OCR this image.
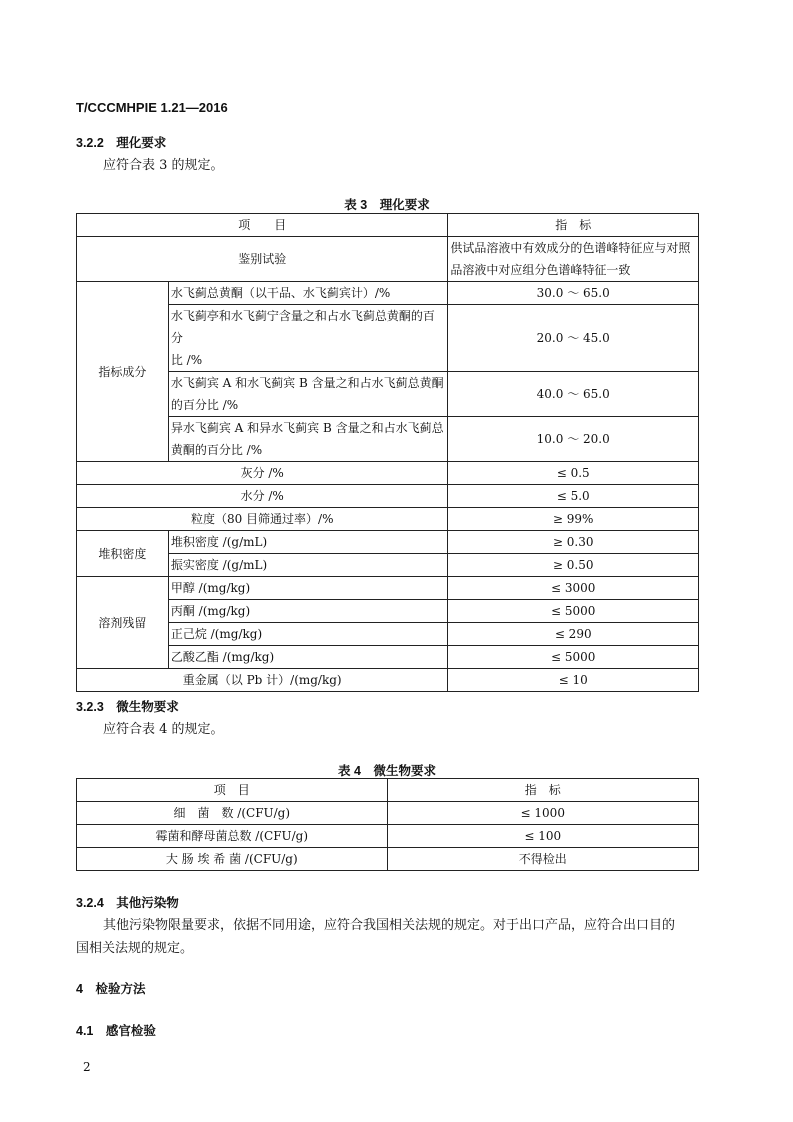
T/CCCMHPIE 1.21—2016
3.2.2　理化要求
应符合表 3 的规定。
表 3　理化要求
项　　目		指　标
鉴别试验		供试品溶液中有效成分的色谱峰特征应与对照
品溶液中对应组分色谱峰特征一致

指标成分	水飞蓟总黄酮（以干品、水飞蓟宾计）/%	30.0 ～ 65.0

	水飞蓟亭和水飞蓟宁含量之和占水飞蓟总黄酮的百分
比 /%	20.0 ～ 45.0

	水飞蓟宾 A 和水飞蓟宾 B 含量之和占水飞蓟总黄酮
的百分比 /%	40.0 ～ 65.0

	异水飞蓟宾 A 和异水飞蓟宾 B 含量之和占水飞蓟总
黄酮的百分比 /%	10.0 ～ 20.0
灰分 /%		≤ 0.5
水分 /%		≤ 5.0
粒度（80 目筛通过率）/%		≥ 99%
堆积密度	堆积密度 /(g/mL)	≥ 0.30
	振实密度 /(g/mL)	≥ 0.50
溶剂残留	甲醇 /(mg/kg)	≤ 3000
	丙酮 /(mg/kg)	≤ 5000
	正己烷 /(mg/kg)	≤ 290
	乙酸乙酯 /(mg/kg)	≤ 5000
重金属（以 Pb 计）/(mg/kg)		≤ 10
3.2.3　微生物要求
应符合表 4 的规定。
表 4　微生物要求
项　目	指　标
细　菌　数 /(CFU/g)	≤ 1000
霉菌和酵母菌总数 /(CFU/g)	≤ 100
大 肠 埃 希 菌 /(CFU/g)	不得检出
3.2.4　其他污染物
其他污染物限量要求，依据不同用途，应符合我国相关法规的规定。对于出口产品，应符合出口目的
国相关法规的规定。
4　检验方法
4.1　感官检验
2
